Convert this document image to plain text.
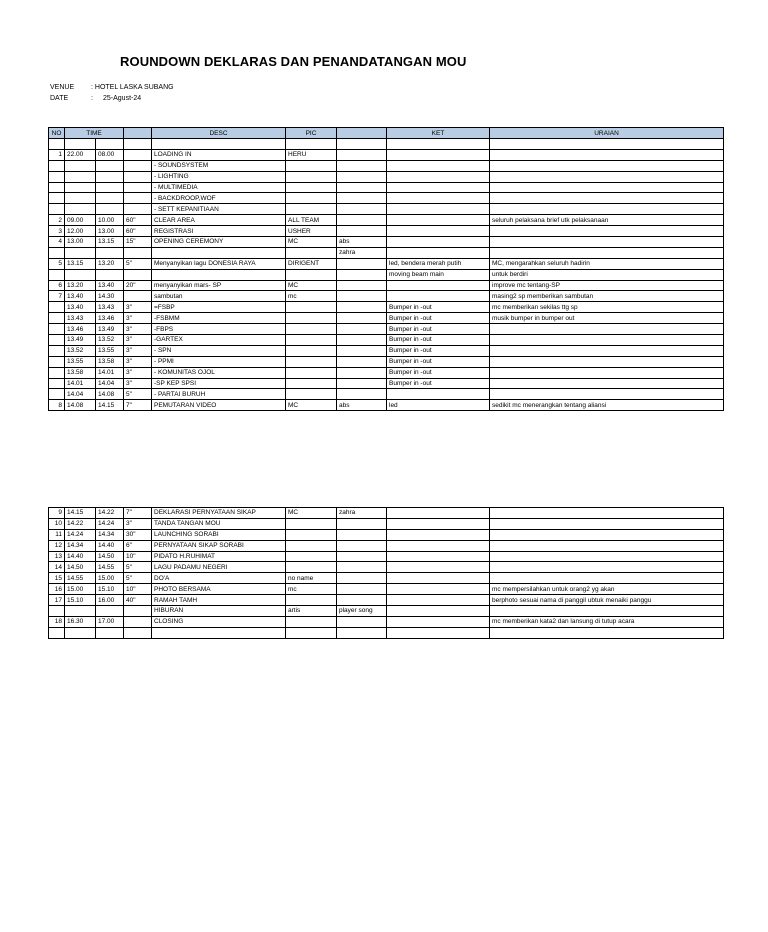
ROUNDOWN DEKLARAS DAN PENANDATANGAN MOU
VENUE : HOTEL LASKA SUBANG
DATE	: 25-Agust-24
NO	TIME			DESC	PIC		KET	URAIAN

1	22.00	08.00		LOADING IN	HERU			
				- SOUNDSYSTEM				
				- LIGHTING				
				- MULTIMEDIA				
				- BACKDROOP,WOF				
				- SETT KEPANITIAAN				
2	09.00	10.00	60"	CLEAR AREA	ALL TEAM			seluruh pelaksana brief utk pelaksanaan
3	12.00	13.00	60"	REGISTRASI	USHER			
4	13.00	13.15	15"	OPENING CEREMONY	MC	abs		
						zahra		
5	13.15	13.20	5"	Menyanyikan lagu DONESIA RAYA	DIRIGENT		led, bendera merah putih	MC, mengarahkan seluruh hadirin
							moving beam main	untuk berdiri
6	13.20	13.40	20"	menyanyikan mars- SP	MC			improve mc tentang-SP
7	13.40	14.30		sambutan	mc			masing2 sp memberikan sambutan
	13.40	13.43	3"	=FSBP			Bumper in -out	mc memberikan sekilas ttg sp
	13.43	13.46	3"	-FSBMM			Bumper in -out	musik bumper in bumper out
	13.46	13.49	3"	-FBPS			Bumper in -out	
	13.49	13.52	3"	-GARTEX			Bumper in -out	
	13.52	13.55	3"	- SPN			Bumper in -out	
	13.55	13.58	3"	- PPMI			Bumper in -out	
	13.58	14.01	3"	- KOMUNITAS OJOL			Bumper in -out	
	14.01	14.04	3"	-SP KEP SPSI			Bumper in -out	
	14.04	14.08	5"	- PARTAI BURUH				
8	14.08	14.15	7"	PEMUTARAN VIDEO	MC	abs	led	sedikit mc menerangkan tentang aliansi
9	14.15	14.22	7"	DEKLARASI PERNYATAAN SIKAP	MC	zahra		
10	14.22	14.24	3"	TANDA TANGAN MOU				
11	14.24	14.34	30"	LAUNCHING SORABI				
12	14.34	14.40	6"	PERNYATAAN SIKAP SORABI				
13	14.40	14.50	10"	PIDATO H.RUHIMAT				
14	14.50	14.55	5"	LAGU PADAMU NEGERI				
15	14.55	15.00	5"	DO'A	no name			
16	15.00	15.10	10"	PHOTO BERSAMA	mc			mc mempersilahkan untuk orang2 yg akan
17	15.10	16.00	40"	RAMAH TAMH				berphoto sesuai nama di panggil ubtuk menaiki panggu
				HIBURAN	artis	player song		
18	16.30	17.00		CLOSING				mc memberikan kata2 dan lansung di tutup acara
